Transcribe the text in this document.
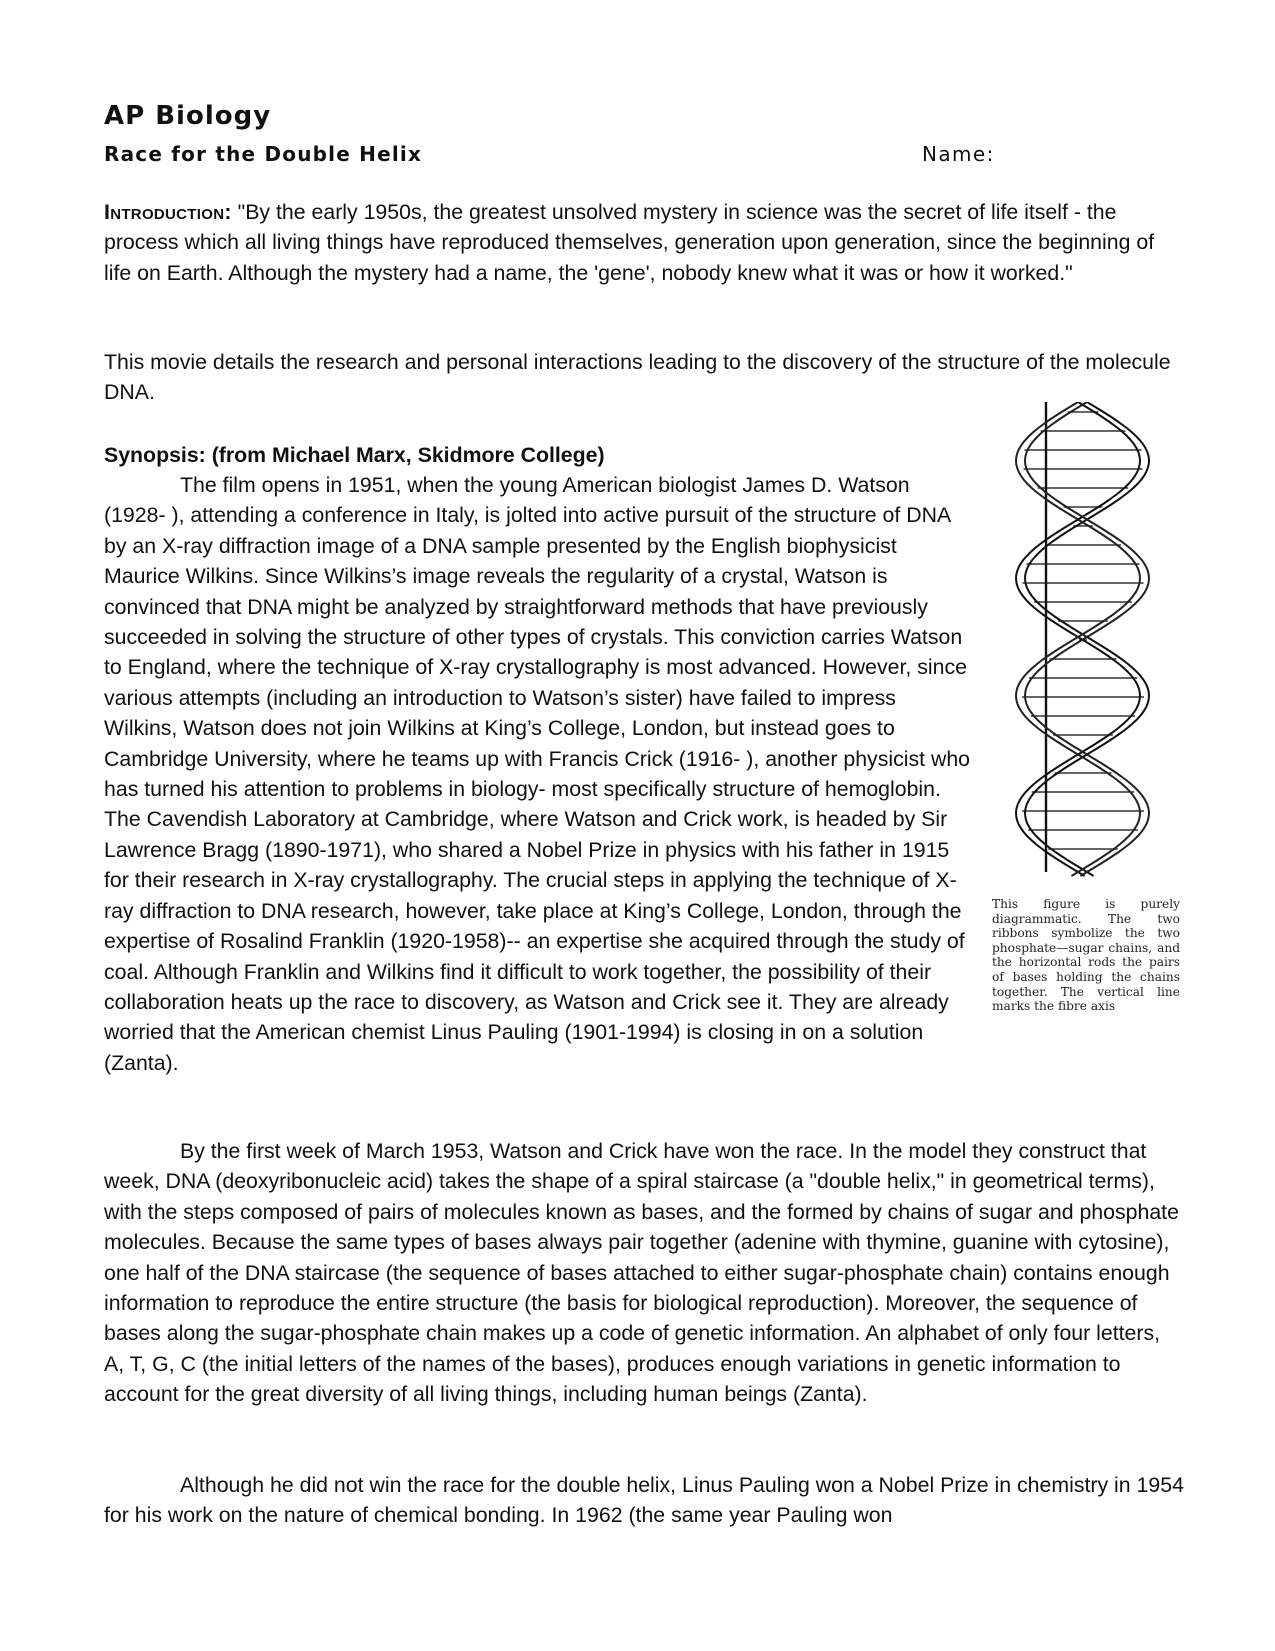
AP Biology
Race for the Double Helix	Name:

Introduction: "By the early 1950s, the greatest unsolved mystery in science was the secret of life itself - the process which all living things have reproduced themselves, generation upon generation, since the beginning of life on Earth. Although the mystery had a name, the 'gene', nobody knew what it was or how it worked."

This movie details the research and personal interactions leading to the discovery of the structure of the molecule DNA.

Synopsis: (from Michael Marx, Skidmore College)

The film opens in 1951, when the young American biologist James D. Watson (1928- ), attending a conference in Italy, is jolted into active pursuit of the structure of DNA by an X-ray diffraction image of a DNA sample presented by the English biophysicist Maurice Wilkins. Since Wilkins’s image reveals the regularity of a crystal, Watson is convinced that DNA might be analyzed by straightforward methods that have previously succeeded in solving the structure of other types of crystals. This conviction carries Watson to England, where the technique of X-ray crystallography is most advanced. However, since various attempts (including an introduction to Watson’s sister) have failed to impress Wilkins, Watson does not join Wilkins at King’s College, London, but instead goes to Cambridge University, where he teams up with Francis Crick (1916- ), another physicist who has turned his attention to problems in biology- most specifically structure of hemoglobin. The Cavendish Laboratory at Cambridge, where Watson and Crick work, is headed by Sir Lawrence Bragg (1890-1971), who shared a Nobel Prize in physics with his father in 1915 for their research in X-ray crystallography. The crucial steps in applying the technique of X-ray diffraction to DNA research, however, take place at King’s College, London, through the expertise of Rosalind Franklin (1920-1958)-- an expertise she acquired through the study of coal. Although Franklin and Wilkins find it difficult to work together, the possibility of their collaboration heats up the race to discovery, as Watson and Crick see it. They are already worried that the American chemist Linus Pauling (1901-1994) is closing in on a solution (Zanta).

This figure is purely diagrammatic. The two ribbons symbolize the two phosphate—sugar chains, and the horizontal rods the pairs of bases holding the chains together. The vertical line marks the fibre axis

By the first week of March 1953, Watson and Crick have won the race. In the model they construct that week, DNA (deoxyribonucleic acid) takes the shape of a spiral staircase (a "double helix," in geometrical terms), with the steps composed of pairs of molecules known as bases, and the formed by chains of sugar and phosphate molecules. Because the same types of bases always pair together (adenine with thymine, guanine with cytosine), one half of the DNA staircase (the sequence of bases attached to either sugar-phosphate chain) contains enough information to reproduce the entire structure (the basis for biological reproduction). Moreover, the sequence of bases along the sugar-phosphate chain makes up a code of genetic information. An alphabet of only four letters, A, T, G, C (the initial letters of the names of the bases), produces enough variations in genetic information to account for the great diversity of all living things, including human beings (Zanta).

Although he did not win the race for the double helix, Linus Pauling won a Nobel Prize in chemistry in 1954 for his work on the nature of chemical bonding. In 1962 (the same year Pauling won
